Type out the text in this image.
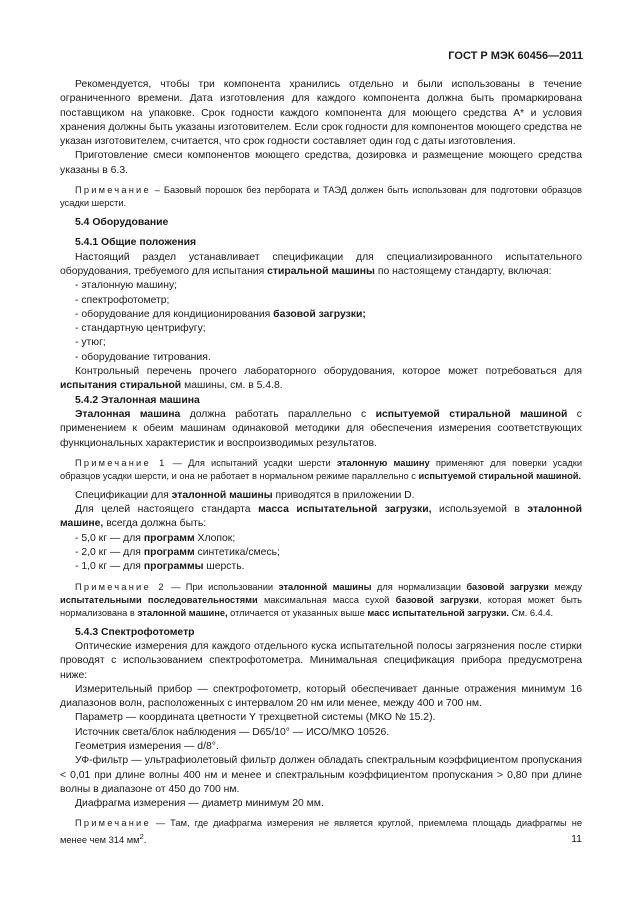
ГОСТ Р МЭК 60456—2011

Рекомендуется, чтобы три компонента хранились отдельно и были использованы в течение ограниченного времени. Дата изготовления для каждого компонента должна быть промаркирована поставщиком на упаковке. Срок годности каждого компонента для моющего средства А* и условия хранения должны быть указаны изготовителем. Если срок годности для компонентов моющего средства не указан изготовителем, считается, что срок годности составляет один год с даты изготовления.

Приготовление смеси компонентов моющего средства, дозировка и размещение моющего средства указаны в 6.3.

Примечание – Базовый порошок без пербората и ТАЭД должен быть использован для подготовки образцов усадки шерсти.

5.4 Оборудование

5.4.1 Общие положения

Настоящий раздел устанавливает спецификации для специализированного испытательного оборудования, требуемого для испытания стиральной машины по настоящему стандарту, включая:

- эталонную машину;

- спектрофотометр;

- оборудование для кондиционирования базовой загрузки;

- стандартную центрифугу;

- утюг;

- оборудование титрования.

Контрольный перечень прочего лабораторного оборудования, которое может потребоваться для испытания стиральной машины, см. в 5.4.8.

5.4.2 Эталонная машина

Эталонная машина должна работать параллельно с испытуемой стиральной машиной с применением к обеим машинам одинаковой методики для обеспечения измерения соответствующих функциональных характеристик и воспроизводимых результатов.

Примечание 1 — Для испытаний усадки шерсти эталонную машину применяют для поверки усадки образцов усадки шерсти, и она не работает в нормальном режиме параллельно с испытуемой стиральной машиной.

Спецификации для эталонной машины приводятся в приложении D.

Для целей настоящего стандарта масса испытательной загрузки, используемой в эталонной машине, всегда должна быть:

- 5,0 кг — для программ Хлопок;

- 2,0 кг — для программ синтетика/смесь;

- 1,0 кг — для программы шерсть.

Примечание 2 — При использовании эталонной машины для нормализации базовой загрузки между испытательными последовательностями максимальная масса сухой базовой загрузки, которая может быть нормализована в эталонной машине, отличается от указанных выше масс испытательной загрузки. См. 6.4.4.

5.4.3 Спектрофотометр

Оптические измерения для каждого отдельного куска испытательной полосы загрязнения после стирки проводят с использованием спектрофотометра. Минимальная спецификация прибора предусмотрена ниже:

Измерительный прибор — спектрофотометр, который обеспечивает данные отражения минимум 16 диапазонов волн, расположенных с интервалом 20 нм или менее, между 400 и 700 нм.

Параметр — координата цветности Y трехцветной системы (МКО № 15.2).

Источник света/блок наблюдения — D65/10° — ИСО/МКО 10526.

Геометрия измерения — d/8°.

УФ-фильтр — ультрафиолетовый фильтр должен обладать спектральным коэффициентом пропускания < 0,01 при длине волны 400 нм и менее и спектральным коэффициентом пропускания > 0,80 при длине волны в диапазоне от 450 до 700 нм.

Диафрагма измерения — диаметр минимум 20 мм.

Примечание — Там, где диафрагма измерения не является круглой, приемлема площадь диафрагмы не менее чем 314 $мм^2$.	11
